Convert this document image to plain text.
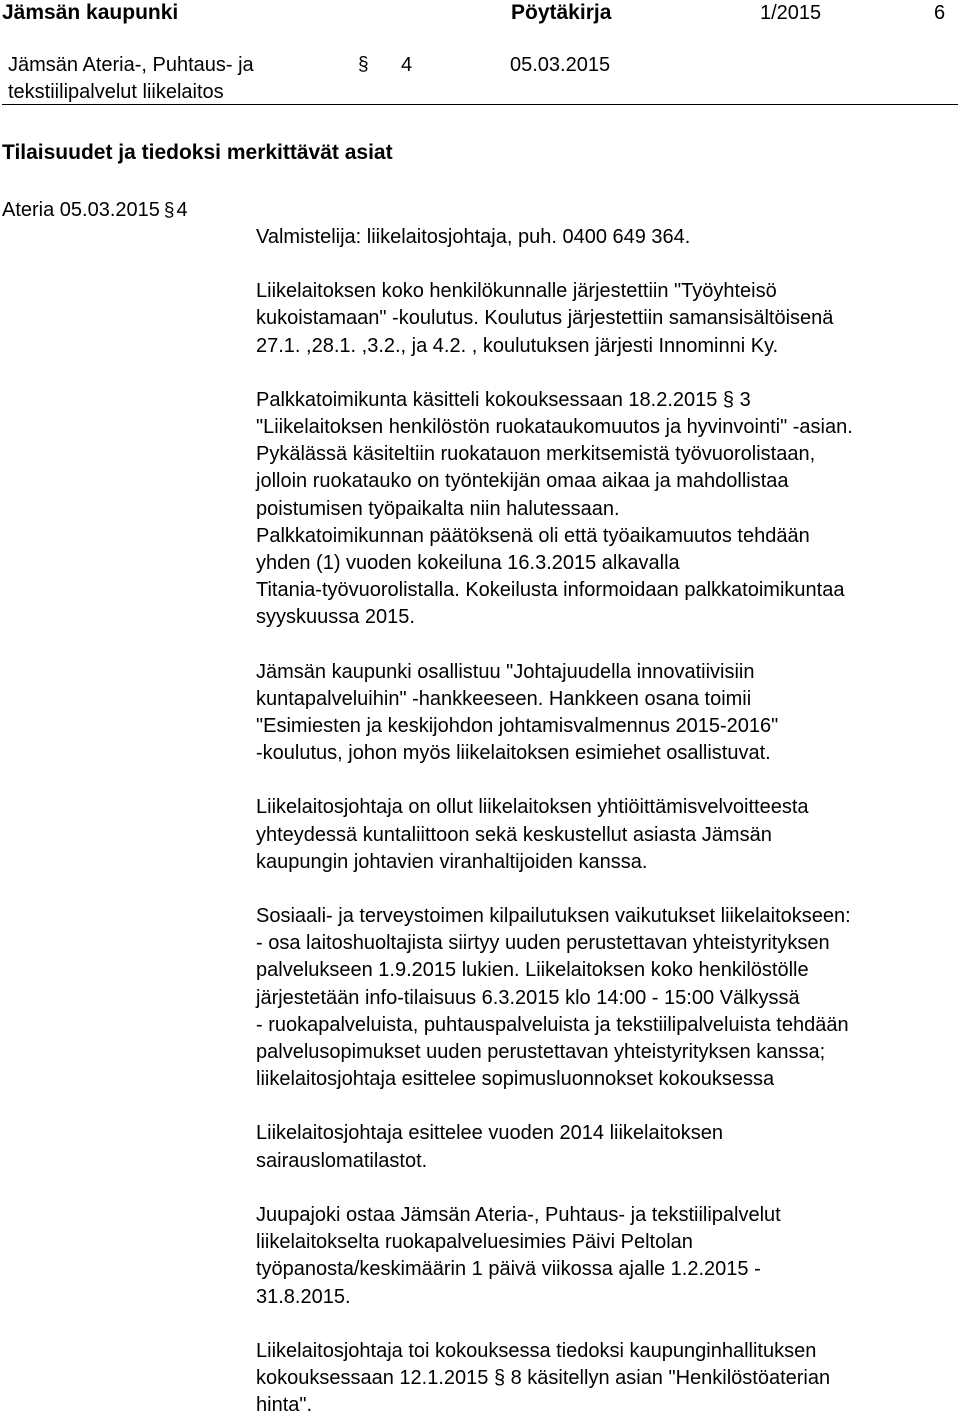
Jämsän kaupunki	Pöytäkirja	1/2015	6
Jämsän Ateria-, Puhtaus- ja
tekstiilipalvelut liikelaitos
§ 4	05.03.2015
Tilaisuudet ja tiedoksi merkittävät asiat
Ateria 05.03.2015 § 4
Valmistelija: liikelaitosjohtaja, puh. 0400 649 364.
Liikelaitoksen koko henkilökunnalle järjestettiin "Työyhteisö
kukoistamaan" -koulutus. Koulutus järjestettiin samansisältöisenä
27.1. ,28.1. ,3.2., ja 4.2. , koulutuksen järjesti Innominni Ky.
Palkkatoimikunta käsitteli kokouksessaan 18.2.2015 § 3
"Liikelaitoksen henkilöstön ruokataukomuutos ja hyvinvointi" -asian.
Pykälässä käsiteltiin ruokatauon merkitsemistä työvuorolistaan,
jolloin ruokatauko on työntekijän omaa aikaa ja mahdollistaa
poistumisen työpaikalta niin halutessaan.
Palkkatoimikunnan päätöksenä oli että työaikamuutos tehdään
yhden (1) vuoden kokeiluna 16.3.2015 alkavalla
Titania-työvuorolistalla. Kokeilusta informoidaan palkkatoimikuntaa
syyskuussa 2015.
Jämsän kaupunki osallistuu "Johtajuudella innovatiivisiin
kuntapalveluihin" -hankkeeseen. Hankkeen osana toimii
"Esimiesten ja keskijohdon johtamisvalmennus 2015-2016"
-koulutus, johon myös liikelaitoksen esimiehet osallistuvat.
Liikelaitosjohtaja on ollut liikelaitoksen yhtiöittämisvelvoitteesta
yhteydessä kuntaliittoon sekä keskustellut asiasta Jämsän
kaupungin johtavien viranhaltijoiden kanssa.
Sosiaali- ja terveystoimen kilpailutuksen vaikutukset liikelaitokseen:
- osa laitoshuoltajista siirtyy uuden perustettavan yhteistyrityksen
palvelukseen 1.9.2015 lukien. Liikelaitoksen koko henkilöstölle
järjestetään info-tilaisuus 6.3.2015 klo 14:00 - 15:00 Välkyssä
- ruokapalveluista, puhtauspalveluista ja tekstiilipalveluista tehdään
palvelusopimukset uuden perustettavan yhteistyrityksen kanssa;
liikelaitosjohtaja esittelee sopimusluonnokset kokouksessa
Liikelaitosjohtaja esittelee vuoden 2014 liikelaitoksen
sairauslomatilastot.
Juupajoki ostaa Jämsän Ateria-, Puhtaus- ja tekstiilipalvelut
liikelaitokselta ruokapalveluesimies Päivi Peltolan
työpanosta/keskimäärin 1 päivä viikossa ajalle 1.2.2015 -
31.8.2015.
Liikelaitosjohtaja toi kokouksessa tiedoksi kaupunginhallituksen
kokouksessaan 12.1.2015 § 8 käsitellyn asian "Henkilöstöaterian
hinta".
